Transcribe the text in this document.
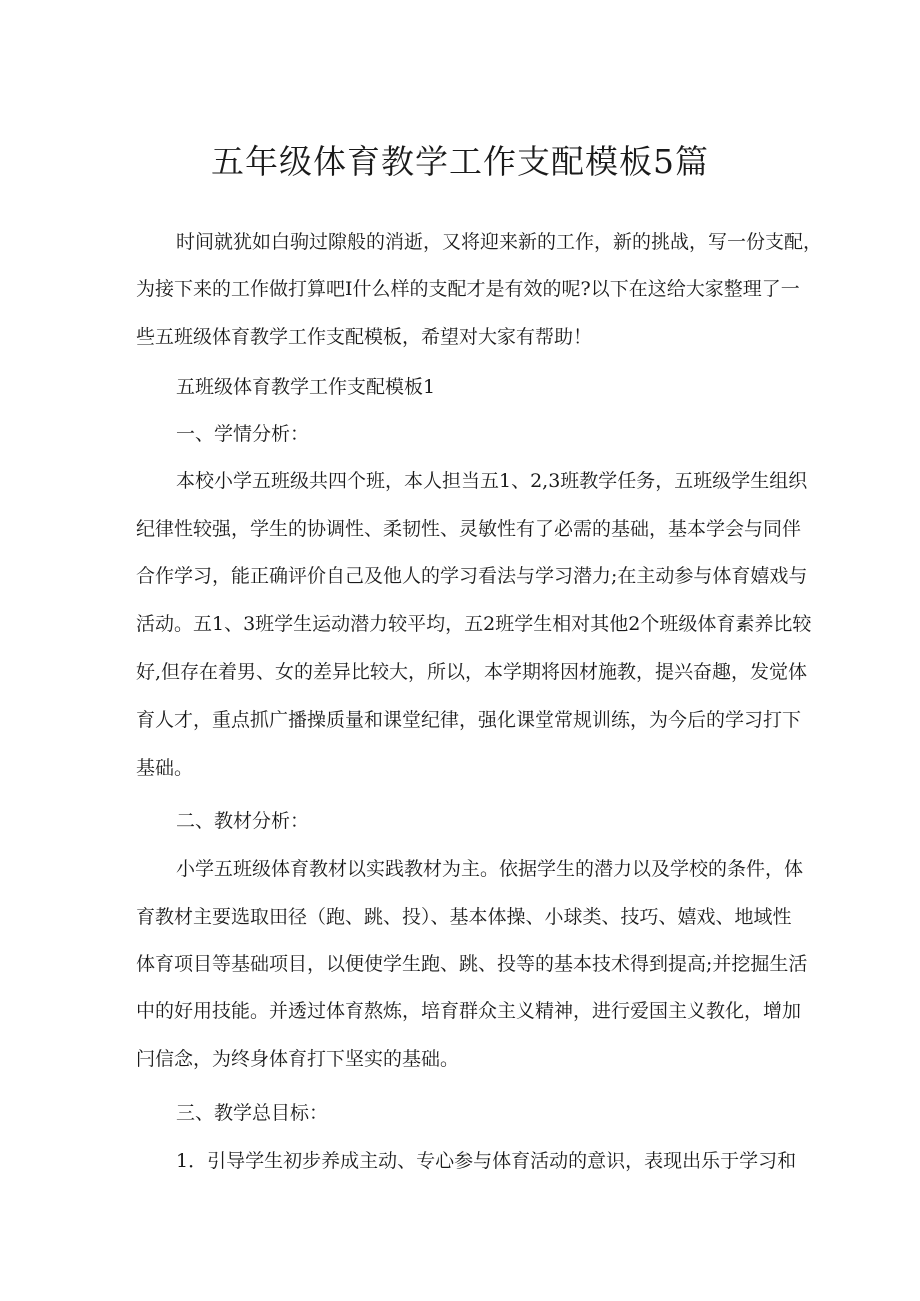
五年级体育教学工作支配模板5篇
时间就犹如白驹过隙般的消逝，又将迎来新的工作，新的挑战，写一份支配，
为接下来的工作做打算吧I什么样的支配才是有效的呢?以下在这给大家整理了一
些五班级体育教学工作支配模板，希望对大家有帮助！
五班级体育教学工作支配模板1
一、学情分析：
本校小学五班级共四个班，本人担当五1、2,3班教学任务，五班级学生组织
纪律性较强，学生的协调性、柔韧性、灵敏性有了必需的基础，基本学会与同伴
合作学习，能正确评价自己及他人的学习看法与学习潜力;在主动参与体育嬉戏与
活动。五1、3班学生运动潜力较平均，五2班学生相对其他2个班级体育素养比较
好,但存在着男、女的差异比较大，所以，本学期将因材施教，提兴奋趣，发觉体
育人才，重点抓广播操质量和课堂纪律，强化课堂常规训练，为今后的学习打下
基础。
二、教材分析：
小学五班级体育教材以实践教材为主。依据学生的潜力以及学校的条件，体
育教材主要选取田径（跑、跳、投）、基本体操、小球类、技巧、嬉戏、地域性
体育项目等基础项目，以便使学生跑、跳、投等的基本技术得到提高;并挖掘生活
中的好用技能。并透过体育熬炼，培育群众主义精神，进行爱国主义教化，增加
闩信念，为终身体育打下坚实的基础。
三、教学总目标：
1．引导学生初步养成主动、专心参与体育活动的意识，表现出乐于学习和
